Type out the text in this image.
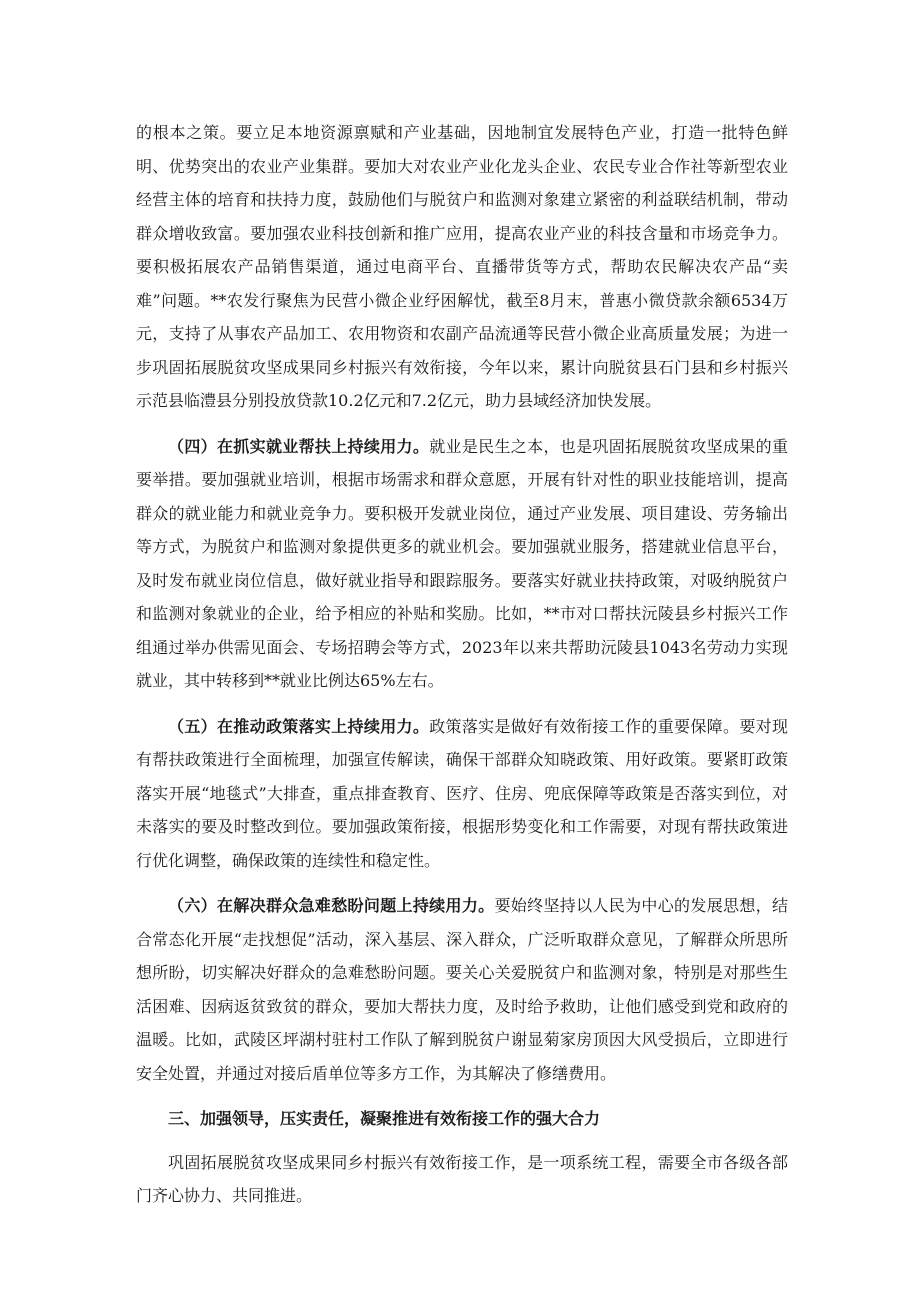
的根本之策。要立足本地资源禀赋和产业基础，因地制宜发展特色产业，打造一批特色鲜明、优势突出的农业产业集群。要加大对农业产业化龙头企业、农民专业合作社等新型农业经营主体的培育和扶持力度，鼓励他们与脱贫户和监测对象建立紧密的利益联结机制，带动群众增收致富。要加强农业科技创新和推广应用，提高农业产业的科技含量和市场竞争力。要积极拓展农产品销售渠道，通过电商平台、直播带货等方式，帮助农民解决农产品“卖难”问题。**农发行聚焦为民营小微企业纾困解忧，截至8月末，普惠小微贷款余额6534万元，支持了从事农产品加工、农用物资和农副产品流通等民营小微企业高质量发展；为进一步巩固拓展脱贫攻坚成果同乡村振兴有效衔接，今年以来，累计向脱贫县石门县和乡村振兴示范县临澧县分别投放贷款10.2亿元和7.2亿元，助力县域经济加快发展。

（四）在抓实就业帮扶上持续用力。就业是民生之本，也是巩固拓展脱贫攻坚成果的重要举措。要加强就业培训，根据市场需求和群众意愿，开展有针对性的职业技能培训，提高群众的就业能力和就业竞争力。要积极开发就业岗位，通过产业发展、项目建设、劳务输出等方式，为脱贫户和监测对象提供更多的就业机会。要加强就业服务，搭建就业信息平台，及时发布就业岗位信息，做好就业指导和跟踪服务。要落实好就业扶持政策，对吸纳脱贫户和监测对象就业的企业，给予相应的补贴和奖励。比如，**市对口帮扶沅陵县乡村振兴工作组通过举办供需见面会、专场招聘会等方式，2023年以来共帮助沅陵县1043名劳动力实现就业，其中转移到**就业比例达65%左右。

（五）在推动政策落实上持续用力。政策落实是做好有效衔接工作的重要保障。要对现有帮扶政策进行全面梳理，加强宣传解读，确保干部群众知晓政策、用好政策。要紧盯政策落实开展“地毯式”大排查，重点排查教育、医疗、住房、兜底保障等政策是否落实到位，对未落实的要及时整改到位。要加强政策衔接，根据形势变化和工作需要，对现有帮扶政策进行优化调整，确保政策的连续性和稳定性。

（六）在解决群众急难愁盼问题上持续用力。要始终坚持以人民为中心的发展思想，结合常态化开展“走找想促”活动，深入基层、深入群众，广泛听取群众意见，了解群众所思所想所盼，切实解决好群众的急难愁盼问题。要关心关爱脱贫户和监测对象，特别是对那些生活困难、因病返贫致贫的群众，要加大帮扶力度，及时给予救助，让他们感受到党和政府的温暖。比如，武陵区坪湖村驻村工作队了解到脱贫户谢显菊家房顶因大风受损后，立即进行安全处置，并通过对接后盾单位等多方工作，为其解决了修缮费用。

三、加强领导，压实责任，凝聚推进有效衔接工作的强大合力

巩固拓展脱贫攻坚成果同乡村振兴有效衔接工作，是一项系统工程，需要全市各级各部门齐心协力、共同推进。
